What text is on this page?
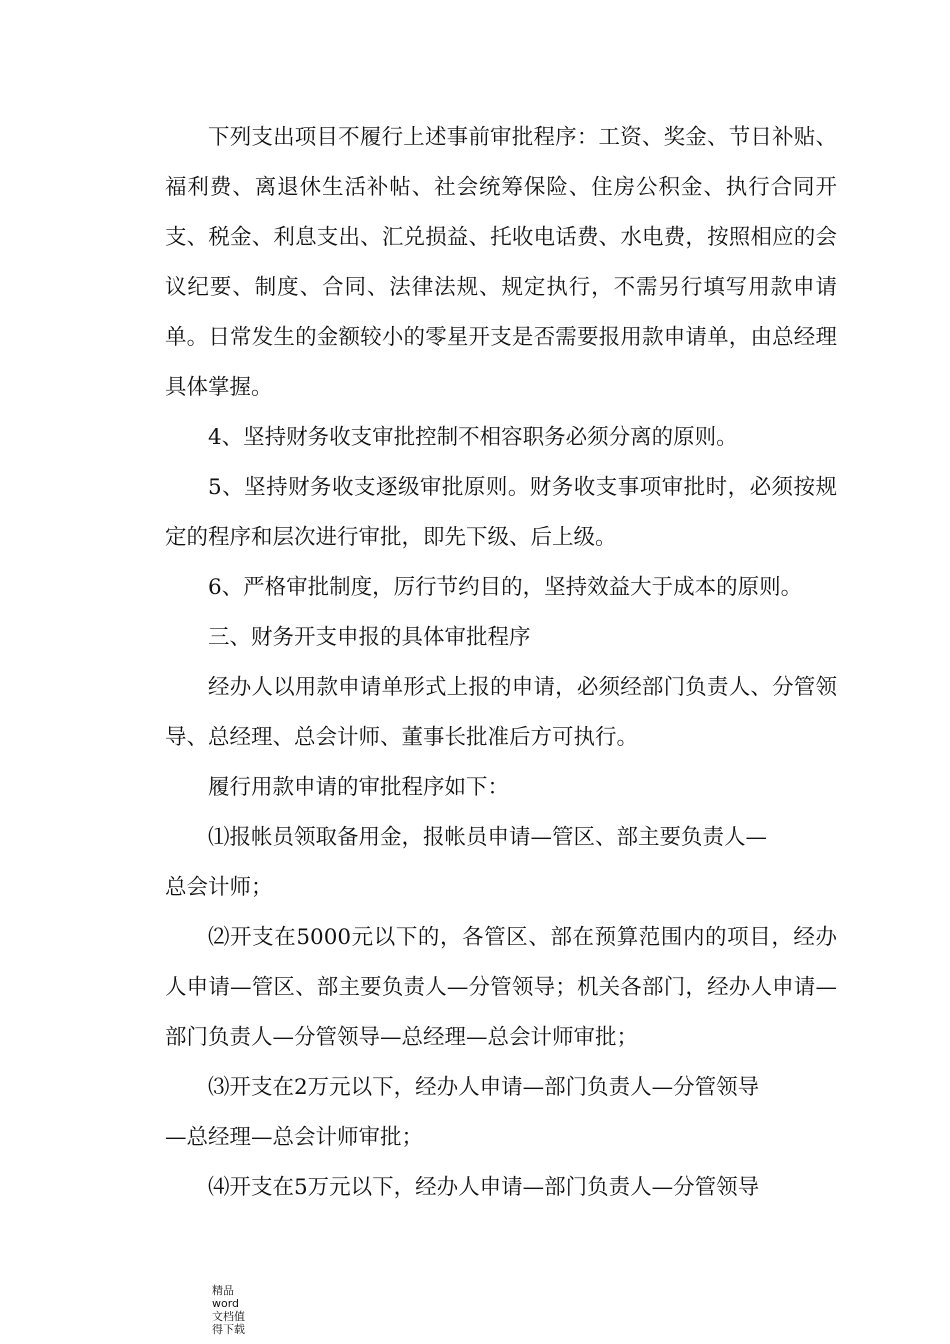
下列支出项目不履行上述事前审批程序：工资、奖金、节日补贴、福利费、离退休生活补帖、社会统筹保险、住房公积金、执行合同开支、税金、利息支出、汇兑损益、托收电话费、水电费，按照相应的会议纪要、制度、合同、法律法规、规定执行，不需另行填写用款申请单。日常发生的金额较小的零星开支是否需要报用款申请单，由总经理具体掌握。

4、坚持财务收支审批控制不相容职务必须分离的原则。

5、坚持财务收支逐级审批原则。财务收支事项审批时，必须按规定的程序和层次进行审批，即先下级、后上级。

6、严格审批制度，厉行节约目的，坚持效益大于成本的原则。

三、财务开支申报的具体审批程序

经办人以用款申请单形式上报的申请，必须经部门负责人、分管领导、总经理、总会计师、董事长批准后方可执行。

履行用款申请的审批程序如下：

⑴报帐员领取备用金，报帐员申请—管区、部主要负责人—
总会计师；

⑵开支在5000元以下的，各管区、部在预算范围内的项目，经办人申请—管区、部主要负责人—分管领导；机关各部门，经办人申请—部门负责人—分管领导—总经理—总会计师审批；

⑶开支在2万元以下，经办人申请—部门负责人—分管领导
—总经理—总会计师审批；

⑷开支在5万元以下，经办人申请—部门负责人—分管领导

精品
word
文档值
得下载
